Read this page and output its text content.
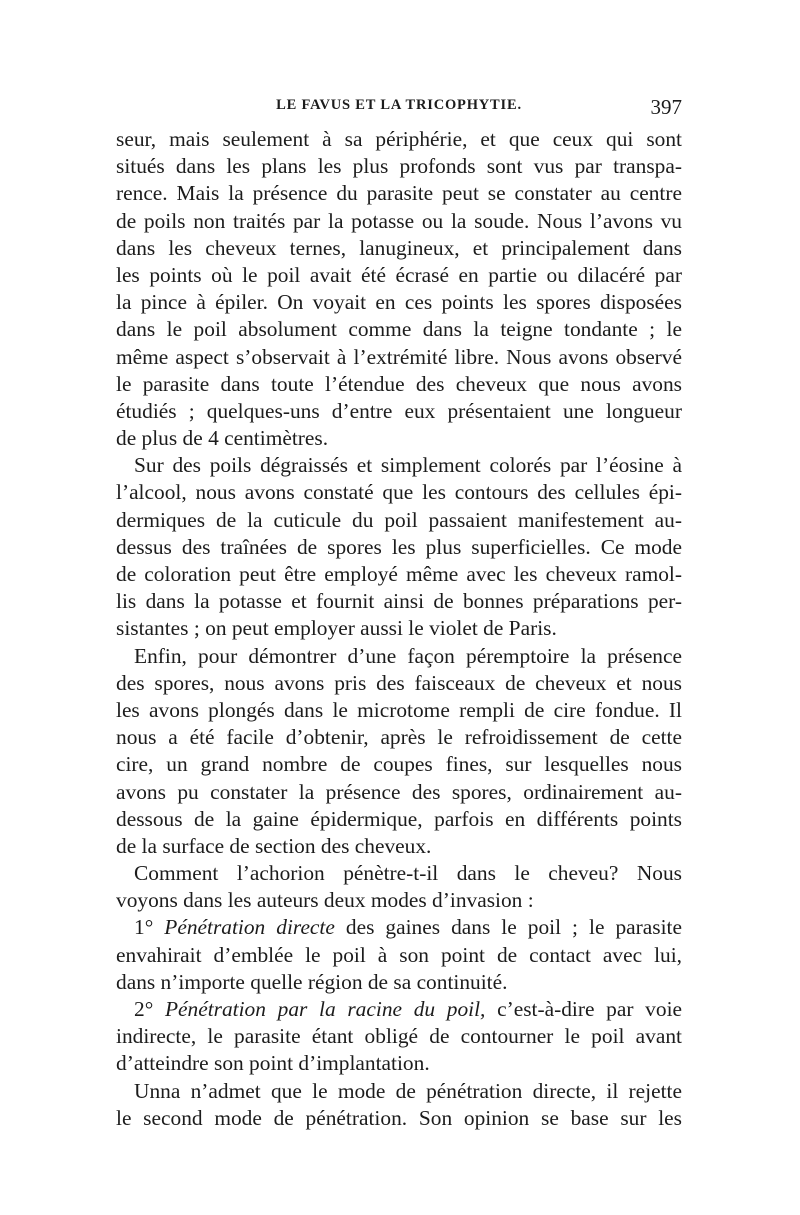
LE FAVUS ET LA TRICOPHYTIE.	397
seur, mais seulement à sa périphérie, et que ceux qui sont
situés dans les plans les plus profonds sont vus par transpa-
rence. Mais la présence du parasite peut se constater au centre
de poils non traités par la potasse ou la soude. Nous l’avons vu
dans les cheveux ternes, lanugineux, et principalement dans
les points où le poil avait été écrasé en partie ou dilacéré par
la pince à épiler. On voyait en ces points les spores disposées
dans le poil absolument comme dans la teigne tondante ; le
même aspect s’observait à l’extrémité libre. Nous avons observé
le parasite dans toute l’étendue des cheveux que nous avons
étudiés ; quelques-uns d’entre eux présentaient une longueur
de plus de 4 centimètres.
Sur des poils dégraissés et simplement colorés par l’éosine à
l’alcool, nous avons constaté que les contours des cellules épi-
dermiques de la cuticule du poil passaient manifestement au-
dessus des traînées de spores les plus superficielles. Ce mode
de coloration peut être employé même avec les cheveux ramol-
lis dans la potasse et fournit ainsi de bonnes préparations per-
sistantes ; on peut employer aussi le violet de Paris.
Enfin, pour démontrer d’une façon péremptoire la présence
des spores, nous avons pris des faisceaux de cheveux et nous
les avons plongés dans le microtome rempli de cire fondue. Il
nous a été facile d’obtenir, après le refroidissement de cette
cire, un grand nombre de coupes fines, sur lesquelles nous
avons pu constater la présence des spores, ordinairement au-
dessous de la gaine épidermique, parfois en différents points
de la surface de section des cheveux.
Comment l’achorion pénètre-t-il dans le cheveu? Nous
voyons dans les auteurs deux modes d’invasion :
1° Pénétration directe des gaines dans le poil ; le parasite
envahirait d’emblée le poil à son point de contact avec lui,
dans n’importe quelle région de sa continuité.
2° Pénétration par la racine du poil, c’est-à-dire par voie
indirecte, le parasite étant obligé de contourner le poil avant
d’atteindre son point d’implantation.
Unna n’admet que le mode de pénétration directe, il rejette
le second mode de pénétration. Son opinion se base sur les
